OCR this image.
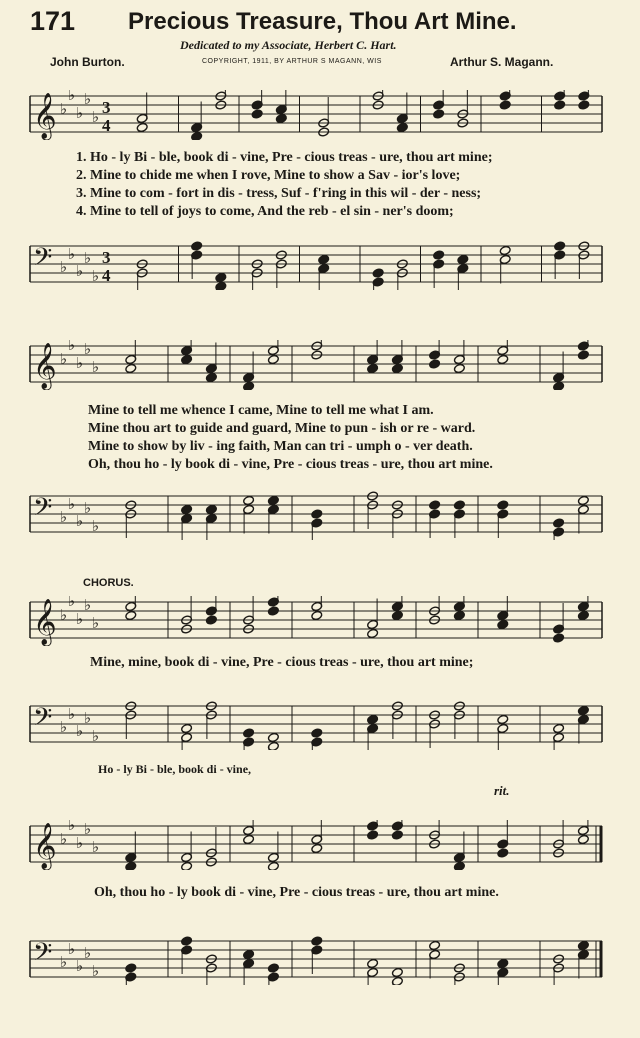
171 Precious Treasure, Thou Art Mine.
Dedicated to my Associate, Herbert C. Hart.
John Burton.	COPYRIGHT, 1911, BY ARTHUR S MAGANN, WIS	Arthur S. Magann.
𝄞 ♭
♭
♭
♭
♭
3
4
𝄢 ♭
♭
♭
♭
♭
3
4
1. Ho - ly Bi - ble, book di - vine, Pre - cious treas - ure, thou art mine;
2. Mine to chide me when I rove, Mine to show a Sav - ior's love;
3. Mine to com - fort in dis - tress, Suf - f'ring in this wil - der - ness;
4. Mine to tell of joys to come, And the reb - el sin - ner's doom;
𝄞 ♭
♭
♭
♭
♭
𝄢 ♭
♭
♭
♭
♭
Mine to tell me whence I came, Mine to tell me what I am.
Mine thou art to guide and guard, Mine to pun - ish or re - ward.
Mine to show by liv - ing faith, Man can tri - umph o - ver death.
Oh, thou ho - ly book di - vine, Pre - cious treas - ure, thou art mine.
CHORUS.
𝄞 ♭
♭
♭
♭
♭
Mine, mine, book di - vine, Pre - cious treas - ure, thou art mine;
𝄢 ♭
♭
♭
♭
♭
Ho - ly Bi - ble, book di - vine,
rit.
𝄞 ♭
♭
♭
♭
♭
Oh, thou ho - ly book di - vine, Pre - cious treas - ure, thou art mine.
𝄢 ♭
♭
♭
♭
♭
